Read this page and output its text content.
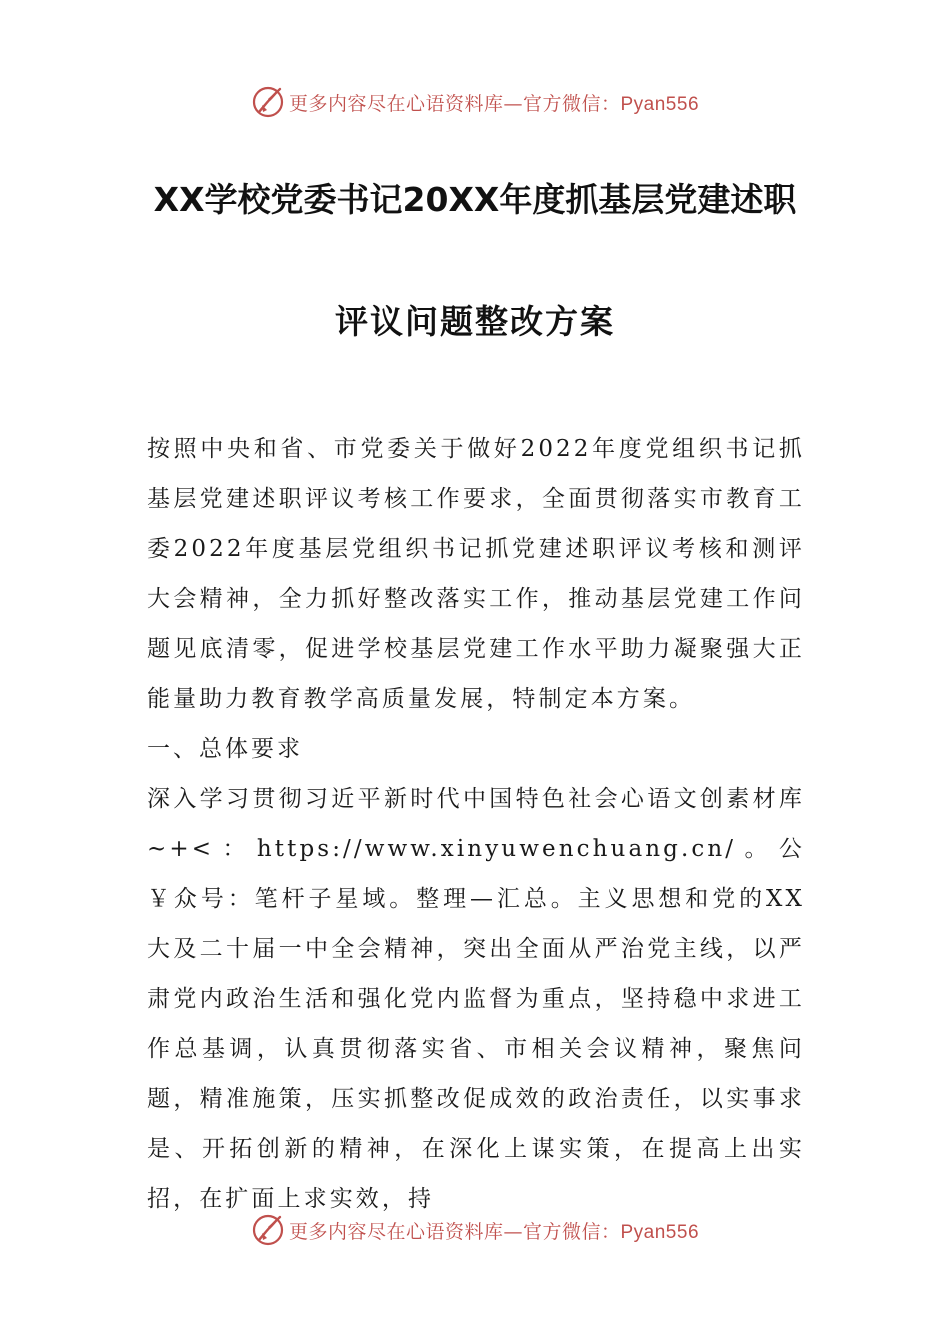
更多内容尽在心语资料库—官方微信：Pyan556
XX学校党委书记20XX年度抓基层党建述职
评议问题整改方案

按照中央和省、市党委关于做好2022年度党组织书记抓基层党建述职评议考核工作要求，全面贯彻落实市教育工委2022年度基层党组织书记抓党建述职评议考核和测评大会精神，全力抓好整改落实工作，推动基层党建工作问题见底清零，促进学校基层党建工作水平助力凝聚强大正能量助力教育教学高质量发展，特制定本方案。

一、总体要求

深入学习贯彻习近平新时代中国特色社会心语文创素材库~+<：https://www.xinyuwenchuang.cn/。公￥众号：笔杆子星域。整理—汇总。主义思想和党的XX大及二十届一中全会精神，突出全面从严治党主线，以严肃党内政治生活和强化党内监督为重点，坚持稳中求进工作总基调，认真贯彻落实省、市相关会议精神，聚焦问题，精准施策，压实抓整改促成效的政治责任，以实事求是、开拓创新的精神，在深化上谋实策，在提高上出实招，在扩面上求实效，持

更多内容尽在心语资料库—官方微信：Pyan556
